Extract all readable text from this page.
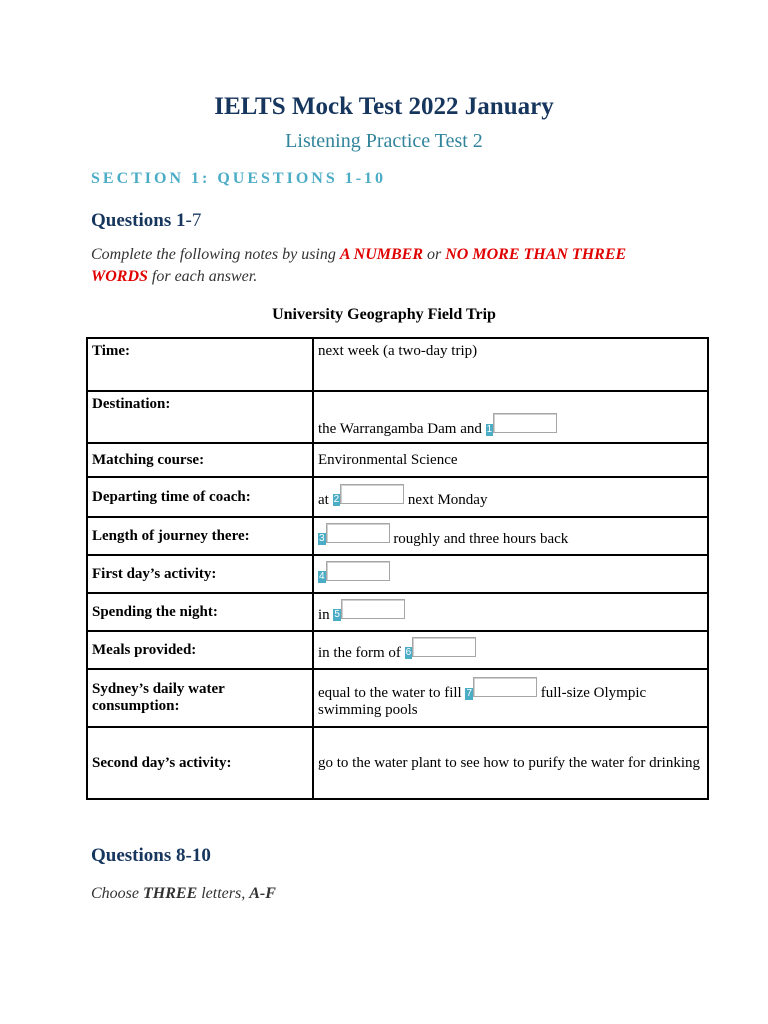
IELTS Mock Test 2022 January
Listening Practice Test 2
SECTION 1: QUESTIONS 1-10
Questions 1-7
Complete the following notes by using A NUMBER or NO MORE THAN THREE WORDS for each answer.
University Geography Field Trip
Time:	next week (a two-day trip)
Destination:	the Warrangamba Dam and 1
Matching course:	Environmental Science
Departing time of coach:	at 2 next Monday
Length of journey there:	3 roughly and three hours back
First day’s activity:	4
Spending the night:	in 5
Meals provided:	in the form of 6
Sydney’s daily water consumption:	equal to the water to fill 7 full-size Olympic swimming pools
Second day’s activity:	go to the water plant to see how to purify the water for drinking
Questions 8-10
Choose THREE letters, A-F
